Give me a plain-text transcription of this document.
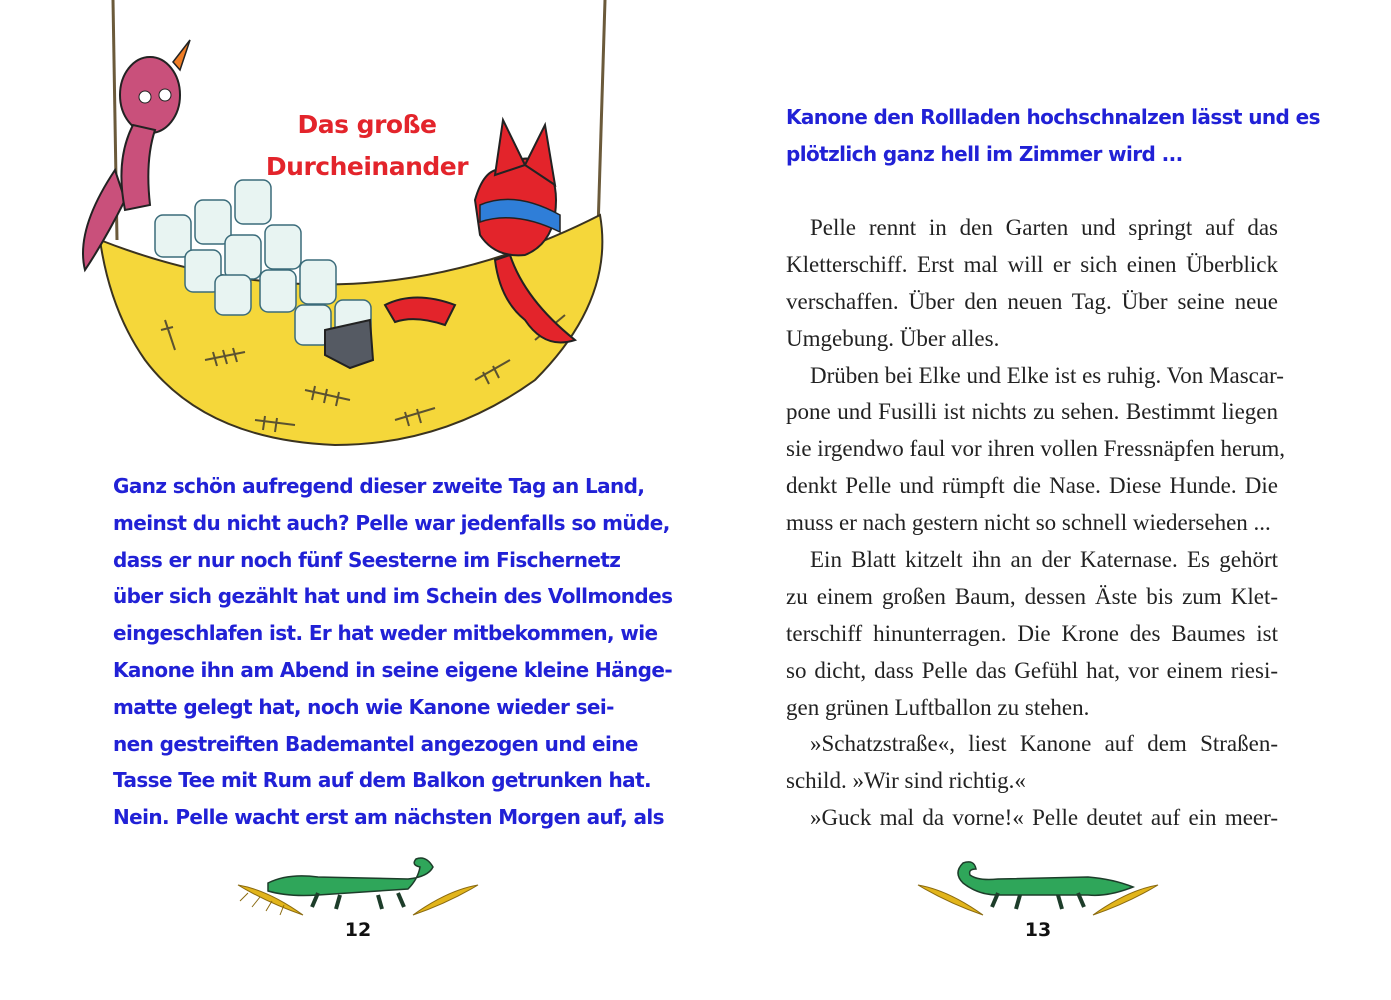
Das große
Durcheinander
Ganz schön aufregend dieser zweite Tag an Land,
meinst du nicht auch? Pelle war jedenfalls so müde,
dass er nur noch fünf Seesterne im Fischernetz
über sich gezählt hat und im Schein des Vollmondes
eingeschlafen ist. Er hat weder mitbekommen, wie
Kanone ihn am Abend in seine eigene kleine Hänge-
matte gelegt hat, noch wie Kanone wieder sei-
nen gestreiften Bademantel angezogen und eine
Tasse Tee mit Rum auf dem Balkon getrunken hat.
Nein. Pelle wacht erst am nächsten Morgen auf, als
12
Kanone den Rollladen hochschnalzen lässt und es
plötzlich ganz hell im Zimmer wird ...
Pelle rennt in den Garten und springt auf das
Kletterschiff. Erst mal will er sich einen Überblick
verschaffen. Über den neuen Tag. Über seine neue
Umgebung. Über alles.
Drüben bei Elke und Elke ist es ruhig. Von Mascar-
pone und Fusilli ist nichts zu sehen. Bestimmt liegen
sie irgendwo faul vor ihren vollen Fressnäpfen herum,
denkt Pelle und rümpft die Nase. Diese Hunde. Die
muss er nach gestern nicht so schnell wiedersehen ...
Ein Blatt kitzelt ihn an der Katernase. Es gehört
zu einem großen Baum, dessen Äste bis zum Klet-
terschiff hinunterragen. Die Krone des Baumes ist
so dicht, dass Pelle das Gefühl hat, vor einem riesi-
gen grünen Luftballon zu stehen.
»Schatzstraße«, liest Kanone auf dem Straßen-
schild. »Wir sind richtig.«
»Guck mal da vorne!« Pelle deutet auf ein meer-
13
